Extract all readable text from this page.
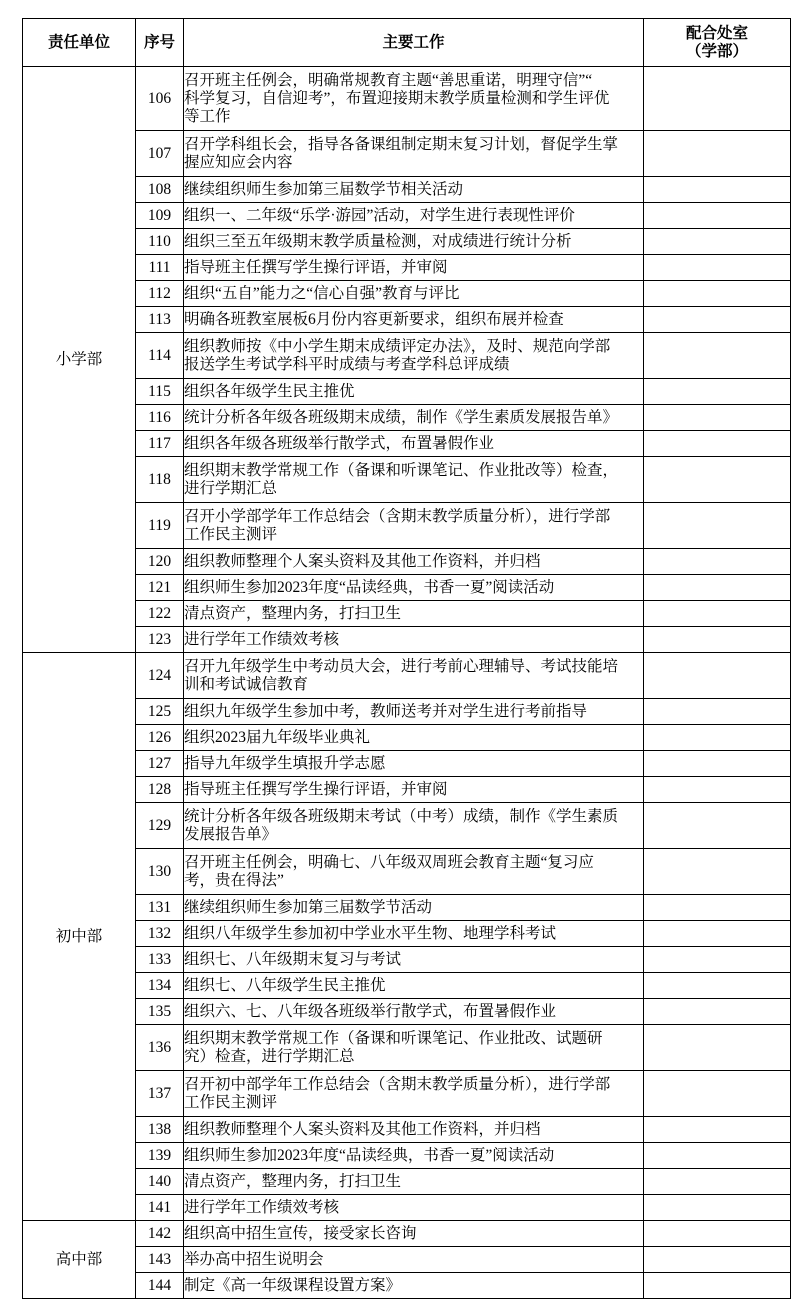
责任单位	序号	主要工作	配合处室
（学部）

小学部	106	召开班主任例会，明确常规教育主题“善思重诺，明理守信”“
科学复习，自信迎考”，布置迎接期末教学质量检测和学生评优
等工作	

	107	召开学科组长会，指导各备课组制定期末复习计划，督促学生掌
握应知应会内容	

	108	继续组织师生参加第三届数学节相关活动	

	109	组织一、二年级“乐学·游园”活动，对学生进行表现性评价	

	110	组织三至五年级期末教学质量检测，对成绩进行统计分析	

	111	指导班主任撰写学生操行评语，并审阅	

	112	组织“五自”能力之“信心自强”教育与评比	

	113	明确各班教室展板6月份内容更新要求，组织布展并检查	

	114	组织教师按《中小学生期末成绩评定办法》，及时、规范向学部
报送学生考试学科平时成绩与考查学科总评成绩	

	115	组织各年级学生民主推优	

	116	统计分析各年级各班级期末成绩，制作《学生素质发展报告单》	

	117	组织各年级各班级举行散学式，布置暑假作业	

	118	组织期末教学常规工作（备课和听课笔记、作业批改等）检查，
进行学期汇总	

	119	召开小学部学年工作总结会（含期末教学质量分析），进行学部
工作民主测评	

	120	组织教师整理个人案头资料及其他工作资料，并归档	

	121	组织师生参加2023年度“品读经典，书香一夏”阅读活动	

	122	清点资产，整理内务，打扫卫生	

	123	进行学年工作绩效考核	

初中部	124	召开九年级学生中考动员大会，进行考前心理辅导、考试技能培
训和考试诚信教育	

	125	组织九年级学生参加中考，教师送考并对学生进行考前指导	

	126	组织2023届九年级毕业典礼	

	127	指导九年级学生填报升学志愿	

	128	指导班主任撰写学生操行评语，并审阅	

	129	统计分析各年级各班级期末考试（中考）成绩，制作《学生素质
发展报告单》	

	130	召开班主任例会，明确七、八年级双周班会教育主题“复习应
考，贵在得法”	

	131	继续组织师生参加第三届数学节活动	

	132	组织八年级学生参加初中学业水平生物、地理学科考试	

	133	组织七、八年级期末复习与考试	

	134	组织七、八年级学生民主推优	

	135	组织六、七、八年级各班级举行散学式，布置暑假作业	

	136	组织期末教学常规工作（备课和听课笔记、作业批改、试题研
究）检查，进行学期汇总	

	137	召开初中部学年工作总结会（含期末教学质量分析），进行学部
工作民主测评	

	138	组织教师整理个人案头资料及其他工作资料，并归档	

	139	组织师生参加2023年度“品读经典，书香一夏”阅读活动	

	140	清点资产，整理内务，打扫卫生	

	141	进行学年工作绩效考核	

高中部	142	组织高中招生宣传，接受家长咨询	

	143	举办高中招生说明会	

	144	制定《高一年级课程设置方案》	
